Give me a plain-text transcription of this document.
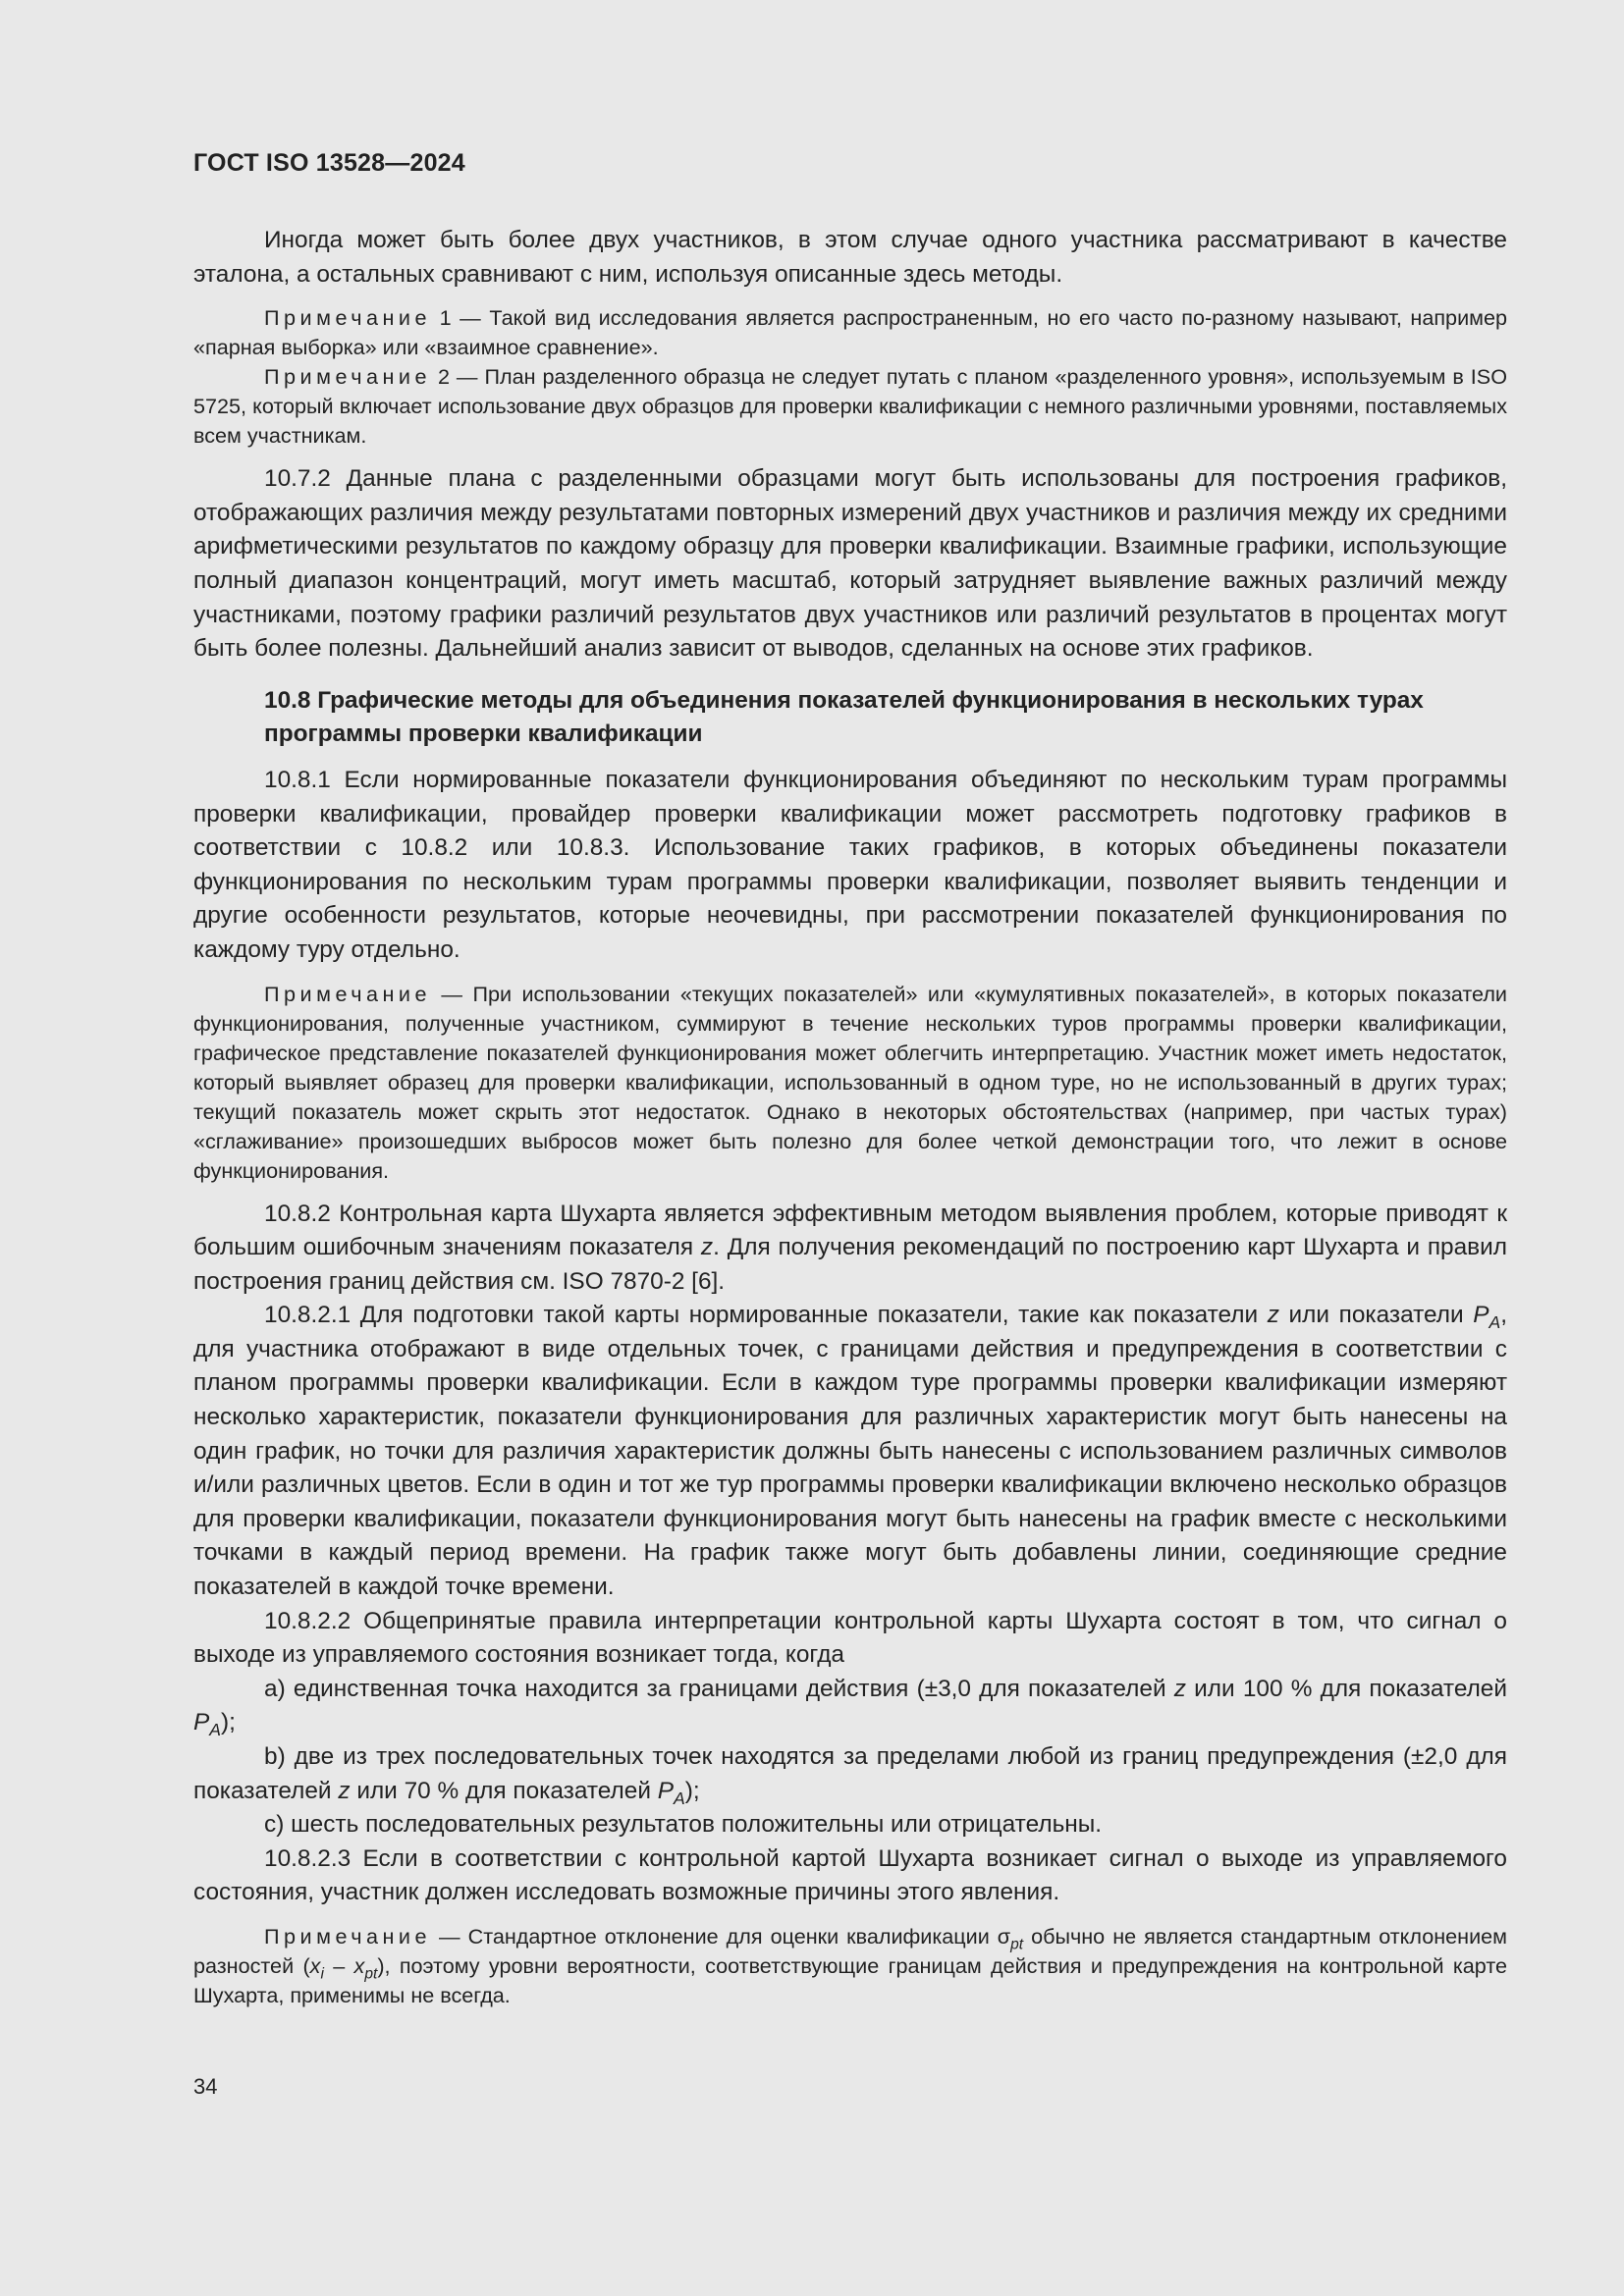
ГОСТ ISO 13528—2024

Иногда может быть более двух участников, в этом случае одного участника рассматривают в качестве эталона, а остальных сравнивают с ним, используя описанные здесь методы.

Примечание 1 — Такой вид исследования является распространенным, но его часто по-разному называют, например «парная выборка» или «взаимное сравнение».

Примечание 2 — План разделенного образца не следует путать с планом «разделенного уровня», используемым в ISO 5725, который включает использование двух образцов для проверки квалификации с немного различными уровнями, поставляемых всем участникам.

10.7.2 Данные плана с разделенными образцами могут быть использованы для построения графиков, отображающих различия между результатами повторных измерений двух участников и различия между их средними арифметическими результатов по каждому образцу для проверки квалификации. Взаимные графики, использующие полный диапазон концентраций, могут иметь масштаб, который затрудняет выявление важных различий между участниками, поэтому графики различий результатов двух участников или различий результатов в процентах могут быть более полезны. Дальнейший анализ зависит от выводов, сделанных на основе этих графиков.

10.8 Графические методы для объединения показателей функционирования в нескольких турах программы проверки квалификации

10.8.1 Если нормированные показатели функционирования объединяют по нескольким турам программы проверки квалификации, провайдер проверки квалификации может рассмотреть подготовку графиков в соответствии с 10.8.2 или 10.8.3. Использование таких графиков, в которых объединены показатели функционирования по нескольким турам программы проверки квалификации, позволяет выявить тенденции и другие особенности результатов, которые неочевидны, при рассмотрении показателей функционирования по каждому туру отдельно.

Примечание — При использовании «текущих показателей» или «кумулятивных показателей», в которых показатели функционирования, полученные участником, суммируют в течение нескольких туров программы проверки квалификации, графическое представление показателей функционирования может облегчить интерпретацию. Участник может иметь недостаток, который выявляет образец для проверки квалификации, использованный в одном туре, но не использованный в других турах; текущий показатель может скрыть этот недостаток. Однако в некоторых обстоятельствах (например, при частых турах) «сглаживание» произошедших выбросов может быть полезно для более четкой демонстрации того, что лежит в основе функционирования.

10.8.2 Контрольная карта Шухарта является эффективным методом выявления проблем, которые приводят к большим ошибочным значениям показателя z. Для получения рекомендаций по построению карт Шухарта и правил построения границ действия см. ISO 7870-2 [6].

10.8.2.1 Для подготовки такой карты нормированные показатели, такие как показатели z или показатели $P_A$, для участника отображают в виде отдельных точек, с границами действия и предупреждения в соответствии с планом программы проверки квалификации. Если в каждом туре программы проверки квалификации измеряют несколько характеристик, показатели функционирования для различных характеристик могут быть нанесены на один график, но точки для различия характеристик должны быть нанесены с использованием различных символов и/или различных цветов. Если в один и тот же тур программы проверки квалификации включено несколько образцов для проверки квалификации, показатели функционирования могут быть нанесены на график вместе с несколькими точками в каждый период времени. На график также могут быть добавлены линии, соединяющие средние показателей в каждой точке времени.

10.8.2.2 Общепринятые правила интерпретации контрольной карты Шухарта состоят в том, что сигнал о выходе из управляемого состояния возникает тогда, когда

a) единственная точка находится за границами действия (±3,0 для показателей z или 100 % для показателей $P_A$);

b) две из трех последовательных точек находятся за пределами любой из границ предупреждения (±2,0 для показателей z или 70 % для показателей $P_A$);

c) шесть последовательных результатов положительны или отрицательны.

10.8.2.3 Если в соответствии с контрольной картой Шухарта возникает сигнал о выходе из управляемого состояния, участник должен исследовать возможные причины этого явления.

Примечание — Стандартное отклонение для оценки квалификации $\sigma_{pt}$ обычно не является стандартным отклонением разностей $(x_i - x_{pt})$, поэтому уровни вероятности, соответствующие границам действия и предупреждения на контрольной карте Шухарта, применимы не всегда.

34
